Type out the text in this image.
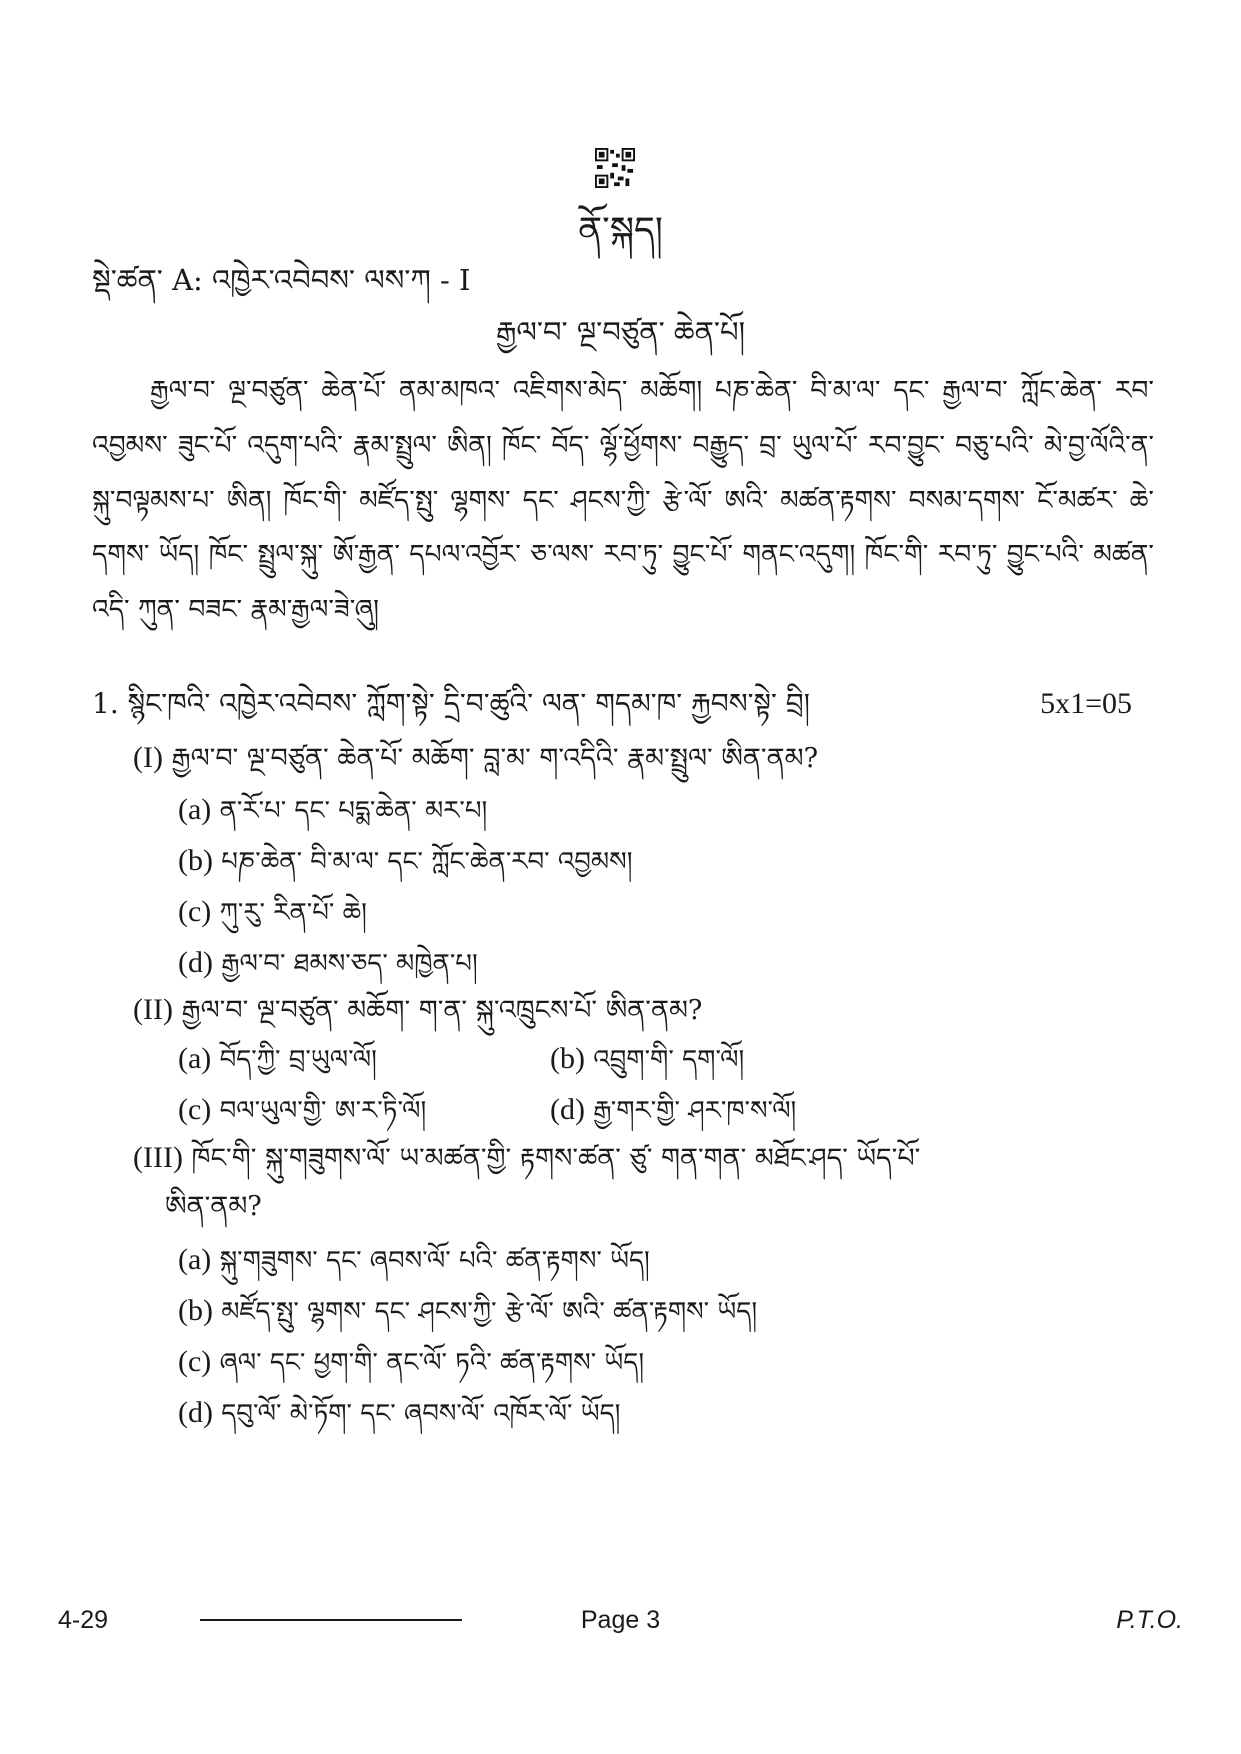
ནོ་སྐད།
སྡེ་ཚན་ A: འཁྱེར་འབེབས་ ལས་ཀ - I
རྒྱལ་བ་ ལྔ་བཙུན་ ཆེན་པོ།
རྒྱལ་བ་ ལྔ་བཙུན་ ཆེན་པོ་ ནམ་མཁའ་ འཇིགས་མེད་ མཆོག། པཎ་ཆེན་ བི་མ་ལ་ དང་ རྒྱལ་བ་ ཀློང་ཆེན་ རབ་འབྱམས་ ཟུང་པོ་ འདུག་པའི་ རྣམ་སྤྲུལ་ ཨིན། ཁོང་ བོད་ ལྷོ་ཕྱོགས་ བརྒྱུད་ བྲ་ ཡུལ་པོ་ རབ་བྱུང་ བཅུ་པའི་ མེ་བྱ་ལོའི་ན་ སྐུ་བལྟམས་པ་ ཨིན། ཁོང་གི་ མཛོད་སྤུ་ ལྷགས་ དང་ ཤངས་ཀྱི་ རྩེ་ལོ་ ཨའི་ མཚན་རྟགས་ བསམ་དགས་ ངོ་མཚར་ ཆེ་དགས་ ཡོད། ཁོང་ སྤྲུལ་སྐུ་ ཨོ་རྒྱན་ དཔལ་འབྱོར་ ཅ་ལས་ རབ་ཏུ་ བྱུང་པོ་ གནང་འདུག། ཁོང་གི་ རབ་ཏུ་ བྱུང་པའི་ མཚན་འདི་ ཀུན་ བཟང་ རྣམ་རྒྱལ་ཟེ་ཞུ།
1. སྙིང་ཁའི་ འཁྱེར་འབེབས་ ཀློག་སྟེ་ དྲི་བ་ཚུའི་ ལན་ གདམ་ཁ་ རྐྱབས་སྟེ་ བྲི།	5x1=05
(I) རྒྱལ་བ་ ལྔ་བཙུན་ ཆེན་པོ་ མཆོག་ བླ་མ་ ག་འདིའི་ རྣམ་སྤྲུལ་ ཨིན་ནམ?
(a) ན་རོ་པ་ དང་ པདྨ་ཆེན་ མར་པ།
(b) པཎ་ཆེན་ བི་མ་ལ་ དང་ ཀློང་ཆེན་རབ་ འབྱམས།
(c) ཀུ་རུ་ རིན་པོ་ ཆེ།
(d) རྒྱལ་བ་ ཐམས་ཅད་ མཁྱེན་པ།
(II) རྒྱལ་བ་ ལྔ་བཙུན་ མཆོག་ ག་ན་ སྐུ་འཁྲུངས་པོ་ ཨིན་ནམ?
(a) བོད་ཀྱི་ བྲ་ཡུལ་ལོ།	(b) འབྲུག་གི་ དག་ལོ།
(c) བལ་ཡུལ་གྱི་ ཨ་ར་ཏི་ལོ།	(d) རྒྱ་གར་གྱི་ ཤར་ཁ་ས་ལོ།
(III) ཁོང་གི་ སྐུ་གཟུགས་ལོ་ ཡ་མཚན་གྱི་ རྟགས་ཚན་ ཙུ་ གན་གན་ མཐོང་ཤད་ ཡོད་པོ་
ཨིན་ནམ?
(a) སྐུ་གཟུགས་ དང་ ཞབས་ལོ་ པའི་ ཚན་རྟགས་ ཡོད།
(b) མཛོད་སྤུ་ ལྷགས་ དང་ ཤངས་ཀྱི་ རྩེ་ལོ་ ཨའི་ ཚན་རྟགས་ ཡོད།
(c) ཞལ་ དང་ ཕྱག་གི་ ནང་ལོ་ ཏའི་ ཚན་རྟགས་ ཡོད།
(d) དབུ་ལོ་ མེ་ཏོག་ དང་ ཞབས་ལོ་ འཁོར་ལོ་ ཡོད།
4-29	Page 3	P.T.O.
